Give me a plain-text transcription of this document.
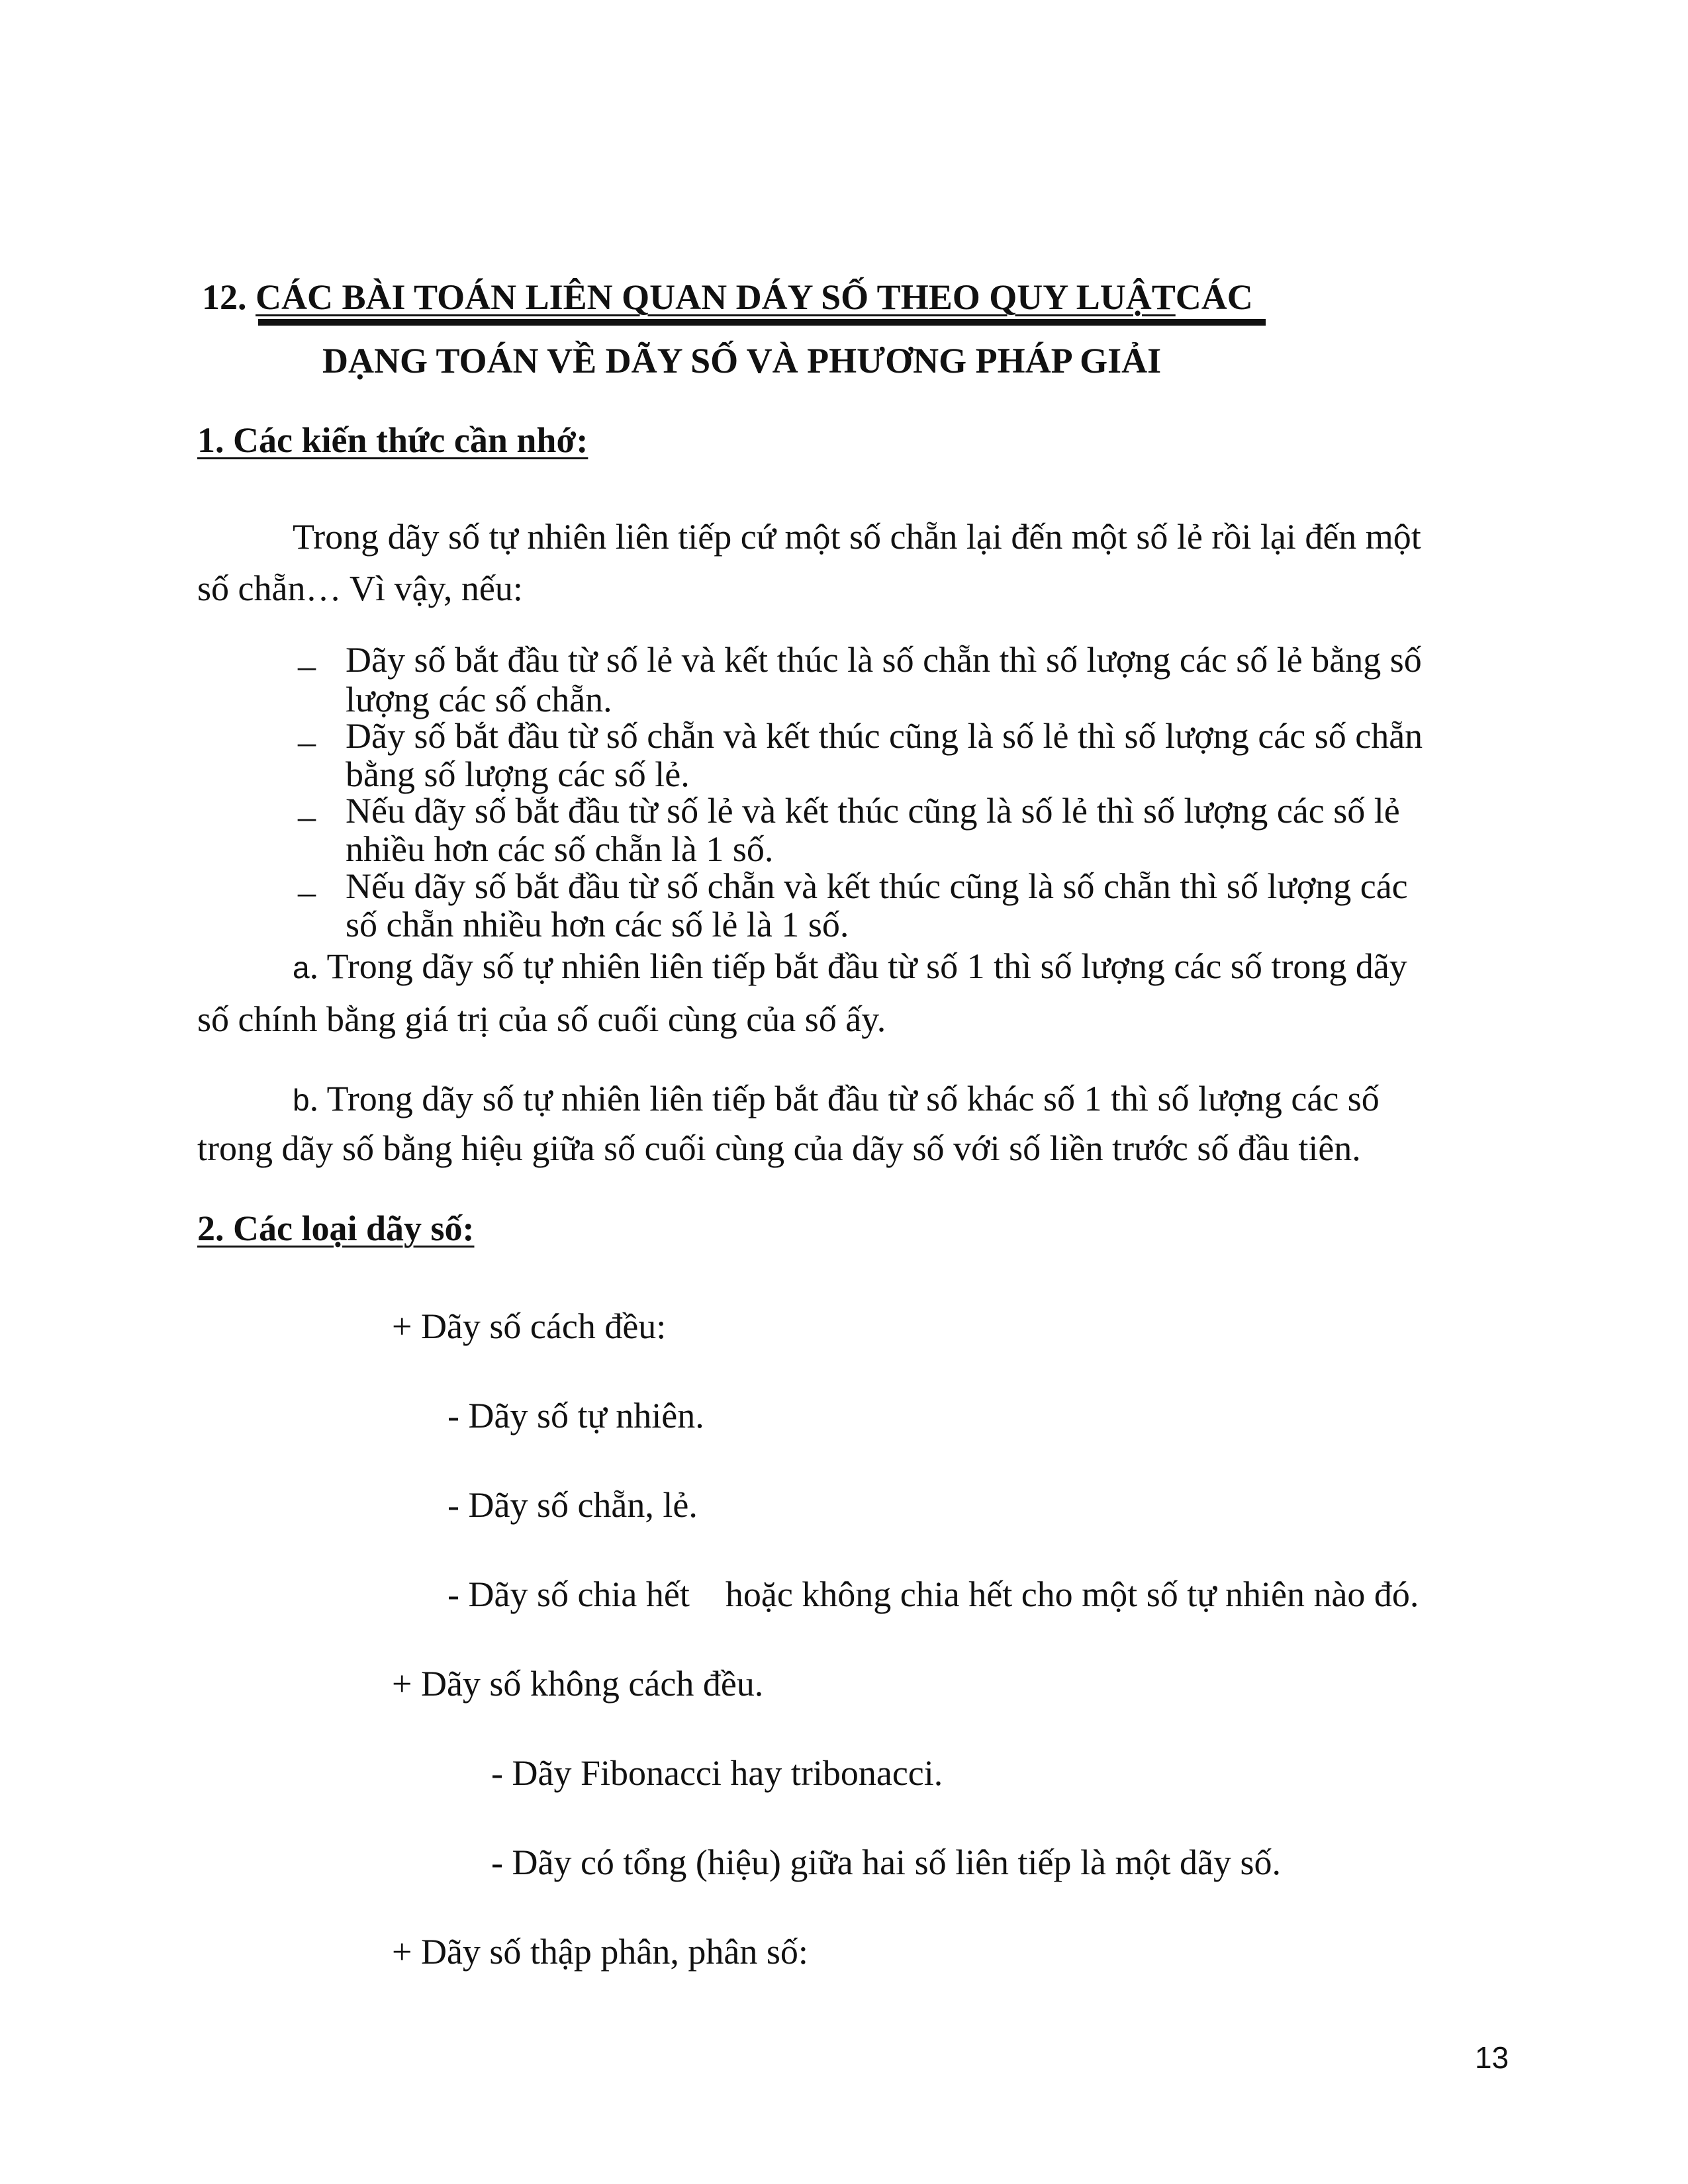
12. CÁC BÀI TOÁN LIÊN QUAN DÁY SỐ THEO QUY LUẬTCÁC
DẠNG TOÁN VỀ DÃY SỐ VÀ PHƯƠNG PHÁP GIẢI
1. Các kiến thức cần nhớ:
Trong dãy số tự nhiên liên tiếp cứ một số chẵn lại đến một số lẻ rồi lại đến một
số chẵn… Vì vậy, nếu:
– Dãy số bắt đầu từ số lẻ và kết thúc là số chẵn thì số lượng các số lẻ bằng số
lượng các số chẵn.
– Dãy số bắt đầu từ số chẵn và kết thúc cũng là số lẻ thì số lượng các số chẵn
bằng số lượng các số lẻ.
– Nếu dãy số bắt đầu từ số lẻ và kết thúc cũng là số lẻ thì số lượng các số lẻ
nhiều hơn các số chẵn là 1 số.
– Nếu dãy số bắt đầu từ số chẵn và kết thúc cũng là số chẵn thì số lượng các
số chẵn nhiều hơn các số lẻ là 1 số.
a. Trong dãy số tự nhiên liên tiếp bắt đầu từ số 1 thì số lượng các số trong dãy
số chính bằng giá trị của số cuối cùng của số ấy.
b. Trong dãy số tự nhiên liên tiếp bắt đầu từ số khác số 1 thì số lượng các số
trong dãy số bằng hiệu giữa số cuối cùng của dãy số với số liền trước số đầu tiên.
2. Các loại dãy số:
+ Dãy số cách đều:
- Dãy số tự nhiên.
- Dãy số chẵn, lẻ.
- Dãy số chia hết    hoặc không chia hết cho một số tự nhiên nào đó.
+ Dãy số không cách đều.
- Dãy Fibonacci hay tribonacci.
- Dãy có tổng (hiệu) giữa hai số liên tiếp là một dãy số.
+ Dãy số thập phân, phân số:
13
